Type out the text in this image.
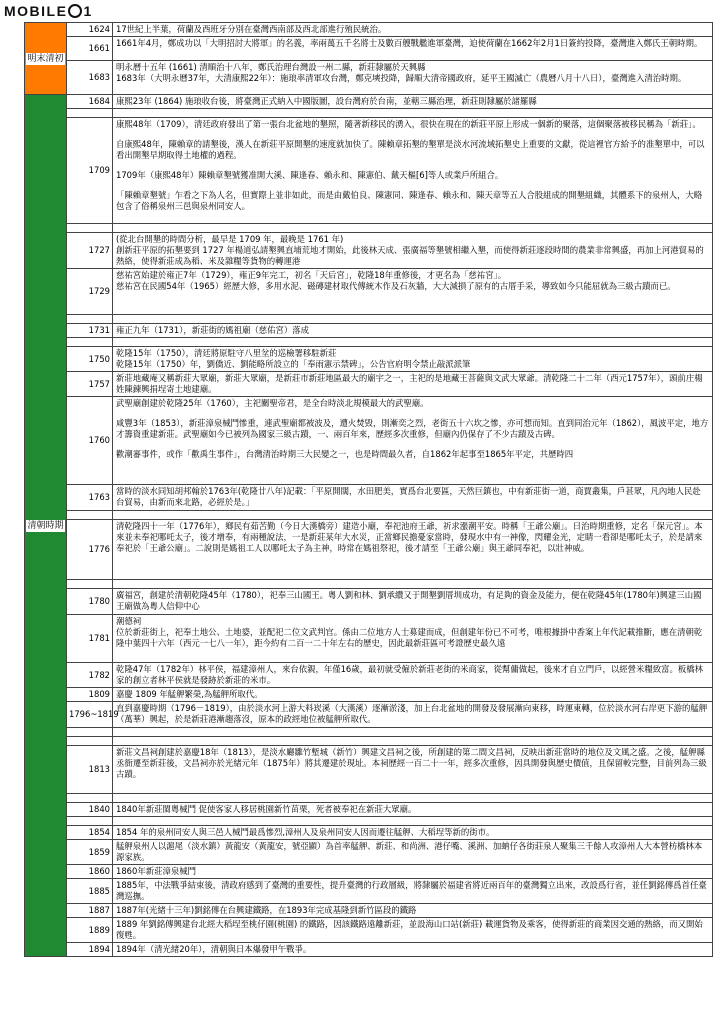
MOBILE 1
明末清初	1624	17世紀上半葉，荷蘭及西班牙分別在臺灣西南部及西北部進行殖民統治。

	1661	1661年4月，鄭成功以「大明招討大將軍」的名義，率兩萬五千名將士及數百艘戰艦進軍臺灣，迫使荷蘭在1662年2月1日簽約投降，臺灣進入鄭氏王朝時期。

	1683	明永曆十五年 (1661) 清順治十八年，鄭氏治理台灣設一州二縣，新莊隸屬於天興縣

1683年（大明永曆37年，大清康熙22年）：施琅率清軍攻台灣，鄭克塽投降，歸順大清帝國政府，延平王國滅亡（農曆八月十八日），臺灣進入清治時期。

清朝時期	1684	康熙23年 (1864) 施琅收台後，將臺灣正式納入中國版圖，設台灣府於台南，並轄三縣治理，新莊則隸屬於諸羅縣

	1709	康熙48年（1709），清廷政府發出了第一張台北盆地的墾照，隨著新移民的湧入，很快在現在的新莊平原上形成一個新的聚落，這個聚落被移民稱為「新莊」。

自康熙48年，陳賴章的請墾後，漢人在新莊平原開墾的速度就加快了。陳賴章拓墾的墾單是淡水河流域拓墾史上重要的文獻，從這裡官方給予的准墾單中，可以看出開墾早期取得土地權的過程。

1709年（康熙48年）陳賴章墾號獲准開大溪、陳逢春、賴永和、陳憲伯、戴天樞[6]等人或業戶所組合。

「陳賴章墾號」乍看之下為人名，但實際上並非如此，而是由戴伯良、陳憲同、陳逢春、賴永和、陳天章等五人合股組成的開墾組織，其體系下的泉州人，大略包含了俗稱泉州三邑與泉州同安人。

	1727	(從北台開墾的時間分析，最早是 1709 年，最晚是 1761 年)

創新莊平原的拓墾要到 1727 年楊道弘請墾興直埔荒地才開始，此後林天成、張廣福等墾號相繼入墾，而使得新莊逐段時間的農業非常興盛，再加上河港貿易的熱絡，使得新莊成為稻、米及雜糧等貨物的轉運港

	1729	慈祐宮始建於雍正7年（1729），雍正9年完工，初名「天后宮」，乾隆18年重修後，才更名為「慈祐宮」。

慈祐宮在民國54年（1965）經歷大修，多用水泥、磁磚建材取代傳統木作及石灰牆，大大減損了原有的古厝手采，導致如今只能屈就為三級古蹟而已。

	1731	雍正九年（1731），新莊街的媽祖廟（慈佑宮）落成

	1750	乾隆15年（1750），清廷將原駐守八里坌的巡檢署移駐新莊

乾隆15年（1750）年，劉僑近、劉能略所設立的「奉雨憲示禁碑」，公告官府明令禁止敲派派筆

	1757	新莊地藏庵又稱新莊大眾廟，新莊大眾廟，是新莊市新莊地區最大的廟宇之一，主祀的是地藏王菩薩與文武大眾爺。清乾隆二十二年（西元1757年），頭前庄楊姓陳鍊興捐埕寄土地建廟。

	1760	武聖廟創建於乾隆25年（1760），主祀關聖帝君，是全台時淡北規模最大的武聖廟。

咸豐3年（1853），新莊漳泉械鬥慘重，連武聖廟都被波及，遭火焚毀，則漸奕之烈，老街五十六坎之慘，亦可想而知。直到同治元年（1862），風波平定，地方才籌資重建新莊。武聖廟如今已被列為國家三級古蹟，一、兩百年來，歷經多次重修，但廟內仍保存了不少古蹟及古碑。

歡潮審事件，或作「歡禹生事件」，台灣清治時期三大民變之一，也是時間最久者，自1862年起事至1865年平定，共歷時四

	1763	當時的淡水同知胡邦翰於1763年(乾隆廿八年)記載：「平原開闊，水田肥美，實爲台北要區，天然巨鎮也，中有新莊街一道，商賈叢集，戶甚眾，凡內地人民赴台貿易，由新而來北路，必經於是。」

	1776	清乾隆四十一年（1776年），鄉民有茹苦勤（今日大漢橋旁）建造小廟，奉祀池府王爺，祈求漲潮平安。時稱「王爺公廟」。日治時期重修，定名「保元宮」。本來並未奉祀哪吒太子，後才增奉，有兩種說法，一是新莊某年大水災，正當鄉民擔憂家當時，發現水中有一神像，閃耀金光，定睛一看卻是哪吒太子，於是請來奉祀於「王爺公廟」。二說則是媽祖工人以哪吒太子為主神，時常在媽祖祭祀，後才請至「王爺公廟」與王爺同奉祀，以壯神威。

	1780	廣福宮，創建於清朝乾隆45年（1780），祀奉三山國王。粵人劉和林、劉承纘又于開墾劉厝圳成功，有足夠的資金及能力，便在乾隆45年(1780年)興建三山國王廟做為粵人信仰中心

	1781	潮德祠

位於新莊街上，祀奉土地公、土地婆，並配祀二位文武判官。係由二位地方人士募建而成，但創建年份已不可考，唯根據掛中香案上年代記載推斷，應在清朝乾隆中葉四十六年（西元一七八一年），距今約有二百一二十年左右的歷史，因此最新莊區可考證歷史最久遠

	1782	乾隆47年（1782年）林平侯，福建漳州人，來台依親，年僅16歲，最初就受僱於新莊老街的米商家，從幫傭做起，後來才自立門戶，以經營米糧致富。板橋林家的創立者林平侯就是發跡於新莊的米市。

	1809	嘉慶 1809 年艋舺繁榮,為艋舺所取代。

	1796~1819	直到嘉慶時期（1796－1819），由於淡水河上游大料崁溪（大漢溪）逐漸淤淺，加上台北盆地的開發及發展漸向東移，時運東轉，位於淡水河右岸更下游的艋舺（萬華）興起，於是新莊港漸趨落沒，原本的政經地位被艋舺所取代。

	1813	新莊文昌祠創建於嘉慶18年（1813），是淡水廳雛竹塹城（新竹）興建文昌祠之後，所創建的第二間文昌祠，反映出新莊當時的地位及文風之盛。之後，艋舺縣丞衙遷至新莊後，文昌祠亦於光緒元年（1875年）將其遷建於現址。本祠歷經一百二十一年，經多次重修，因具開發與歷史價值，且保留較完整，目前列為三級古蹟。

	1840	1840年新莊閩粵械鬥 促使客家人移居桃園新竹苗栗，死者被奉祀在新莊大眾廟。

	1854	1854 年的泉州同安人與三邑人械鬥最爲慘烈,漳州人及泉州同安人因而遷往艋舺、大稻埕等新的街市。

	1859	艋舺泉州人以滬尾（淡水鎮）黃龍安（黃龍安，號亞顯）為首率艋舺、新莊、和尚洲、港仔嘴、溪洲、加蚋仔各街莊泉人聚集三千餘人攻漳州人大本營枋橋林本源家族。

	1860	1860年新莊漳泉械鬥

	1885	1885年，中法戰爭結束後，清政府感到了臺灣的重要性，提升臺灣的行政層級，將隸屬於福建省將近兩百年的臺灣獨立出來，改設爲行省，並任劉銘傳爲首任臺灣巡撫。

	1887	1887年(光緒十三年)劉銘傳在台興建鐵路，在1893年完成基隆到新竹區段的鐵路

	1889	1889 年劉銘傳興建台北經大稻埕至桃仔園(桃園) 的鐵路，因該鐵路遠離新莊，並設海山口站(新莊) 載運貨物及乘客，使得新莊的商業因交通的熱絡，而又開始復甦。

	1894	1894年（清光緒20年），清朝與日本爆發甲午戰爭。
